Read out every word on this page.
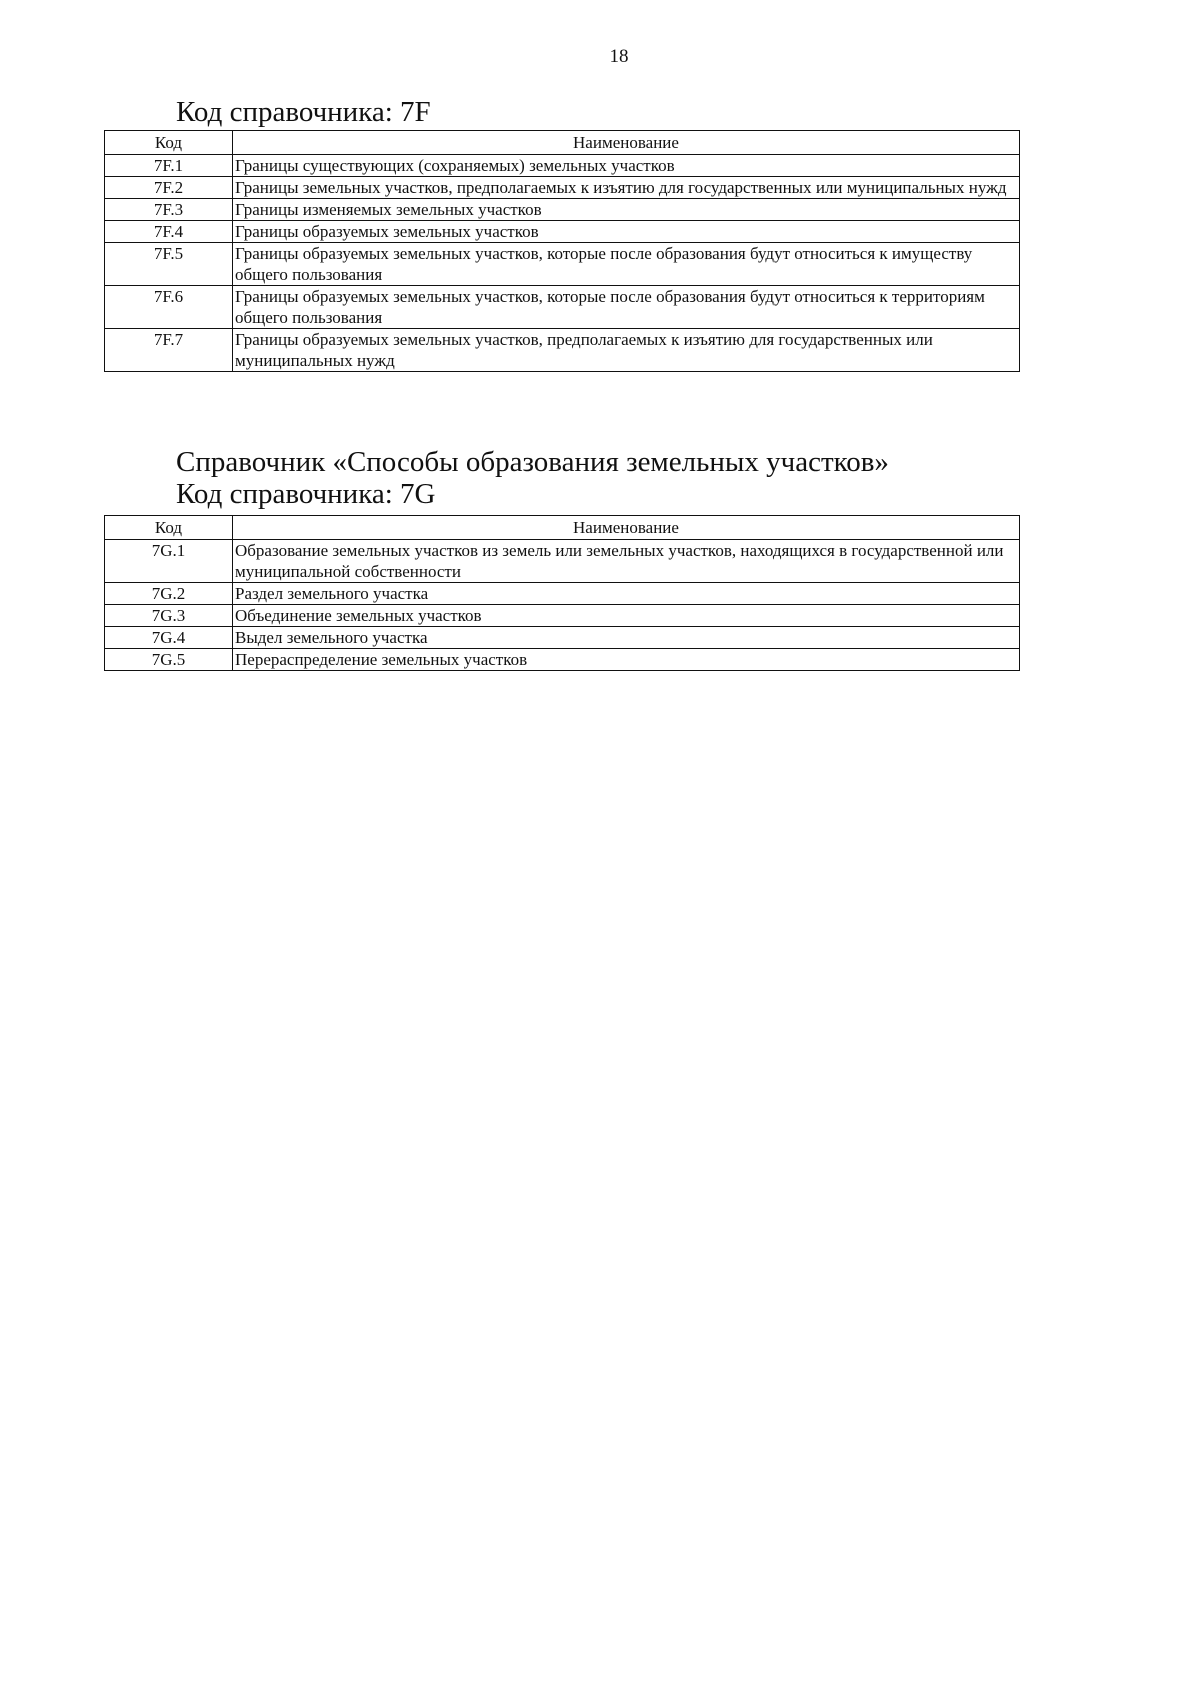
18
Код справочника: 7F
Код	Наименование
7F.1	Границы существующих (сохраняемых) земельных участков
7F.2	Границы земельных участков, предполагаемых к изъятию для государственных или муниципальных нужд
7F.3	Границы изменяемых земельных участков
7F.4	Границы образуемых земельных участков
7F.5	Границы образуемых земельных участков, которые после образования будут относиться к имуществу общего пользования
7F.6	Границы образуемых земельных участков, которые после образования будут относиться к территориям общего пользования
7F.7	Границы образуемых земельных участков, предполагаемых к изъятию для государственных или муниципальных нужд
Справочник «Способы образования земельных участков»
Код справочника: 7G
Код	Наименование
7G.1	Образование земельных участков из земель или земельных участков, находящихся в государственной или муниципальной собственности
7G.2	Раздел земельного участка
7G.3	Объединение земельных участков
7G.4	Выдел земельного участка
7G.5	Перераспределение земельных участков
